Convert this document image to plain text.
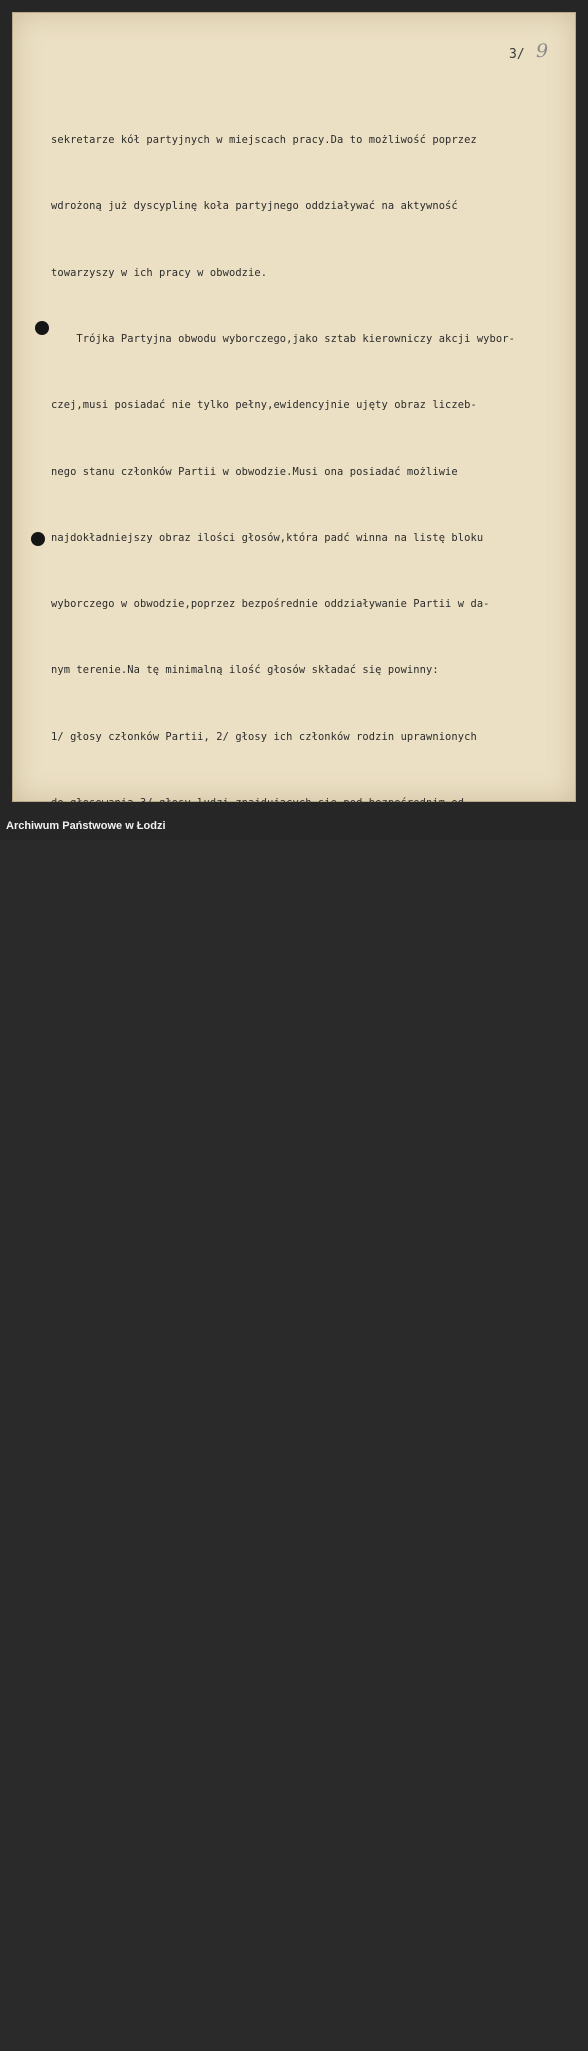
3/ 9

sekretarze kół partyjnych w miejscach pracy.Da to możliwość poprzez

wdrożoną już dyscyplinę koła partyjnego oddziaływać na aktywność

towarzyszy w ich pracy w obwodzie.

Trójka Partyjna obwodu wyborczego,jako sztab kierowniczy akcji wybor-

czej,musi posiadać nie tylko pełny,ewidencyjnie ujęty obraz liczeb-

nego stanu członków Partii w obwodzie.Musi ona posiadać możliwie

najdokładniejszy obraz ilości głosów,która padć winna na listę bloku

wyborczego w obwodzie,poprzez bezpośrednie oddziaływanie Partii w da-

nym terenie.Na tę minimalną ilość głosów składać się powinny:

1/ głosy członków Partii, 2/ głosy ich członków rodzin uprawnionych

do głosowania,3/ głosy ludzi znajdujących się pod bezpośrednim od-

działywaniem członków Partii naszej/dalsze rodziny,sąsiedzi,przyja-

ciele itp./

Dla możliwie dokładnego ujęcia(określonej)pewnej liczby głosów,

które zmobilizować może nasza Partia,konieczne jest,aby w liście

ewidencyjnej członków Partii,zamieszkałych w obwodzie,prowadzonej

przez Trójkę Wyborczą,uwidoczniony został stan członków rodziny każ-

dego P.P.R.-owca,uprawnionego do głosowania,oraz ilość głosów,jakie

zobowiązany jest on pociągnąć za sobą z najbliższego swego otoczenia.

Obowiązkiem każdego członka Partii winno być zaktywizowanie

najbliższej rodziny i znajomych w akcji propagandowo-politycznej po-

przedzającej wybory,jak i zagwarantowanie ich głosów dla listy bloku

w dniu głosowania.Stąd też obowiązkiem każdego towarzysza jest prowa-

dzić do urny 5-6 osób swego najbliższego otoczenia.

Dopilnowanie wykonania tego obowiązku jest jednym z podstawowych zadań

Trójki w dniu głosowania.Da się ono wykonać:

1/ przy odpowiednim rozplanowaniu poprzez Trójkę Wyborczą głosowania

tak,by poszczególne grupy członków Partii składały swe głosy w ciągu

dnia wyborów,

Archiwum Państwowe w Łodzi
